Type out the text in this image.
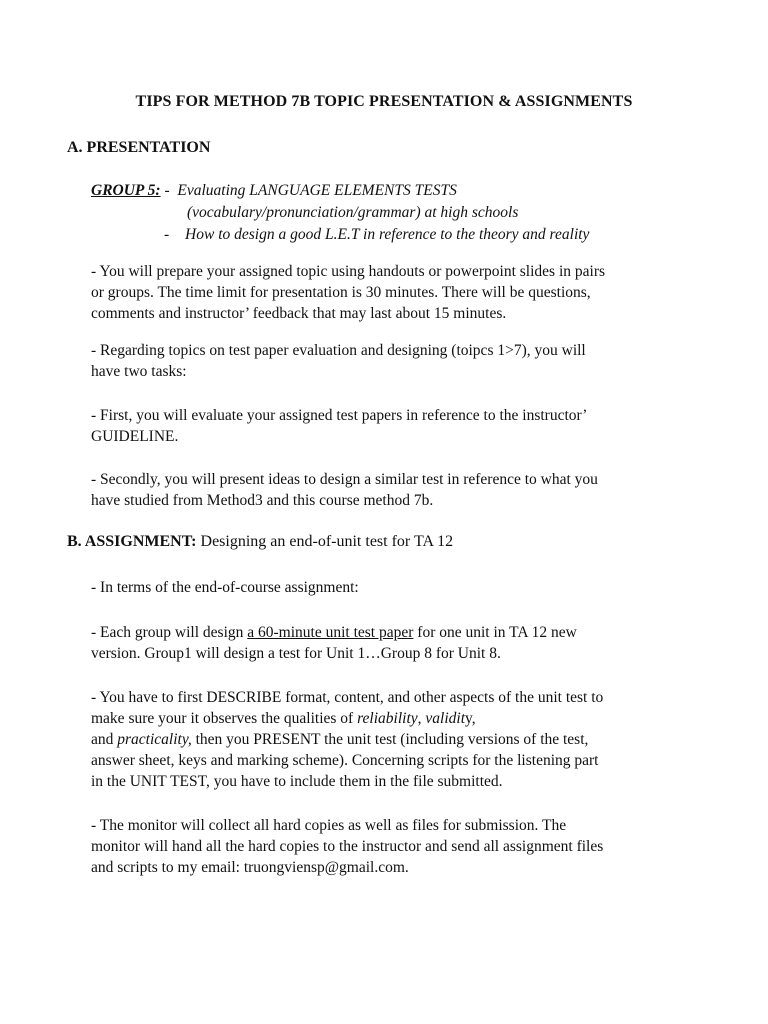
TIPS FOR METHOD 7B TOPIC PRESENTATION & ASSIGNMENTS
A. PRESENTATION
GROUP 5: -  Evaluating LANGUAGE ELEMENTS TESTS
(vocabulary/pronunciation/grammar) at high schools
- How to design a good L.E.T in reference to the theory and reality
- You will prepare your assigned topic using handouts or powerpoint slides in pairs
or groups. The time limit for presentation is 30 minutes. There will be questions,
comments and instructor’ feedback that may last about 15 minutes.
- Regarding topics on test paper evaluation and designing (toipcs 1>7), you will
have two tasks:
- First, you will evaluate your assigned test papers in reference to the instructor’
GUIDELINE.
- Secondly, you will present ideas to design a similar test in reference to what you
have studied from Method3 and this course method 7b.
B. ASSIGNMENT: Designing an end-of-unit test for TA 12
- In terms of the end-of-course assignment:
- Each group will design a 60-minute unit test paper for one unit in TA 12 new
version. Group1 will design a test for Unit 1…Group 8 for Unit 8.
- You have to first DESCRIBE format, content, and other aspects of the unit test to
make sure your it observes the qualities of reliability, validity,
and practicality, then you PRESENT the unit test (including versions of the test,
answer sheet, keys and marking scheme). Concerning scripts for the listening part
in the UNIT TEST, you have to include them in the file submitted.
- The monitor will collect all hard copies as well as files for submission. The
monitor will hand all the hard copies to the instructor and send all assignment files
and scripts to my email: truongviensp@gmail.com.
